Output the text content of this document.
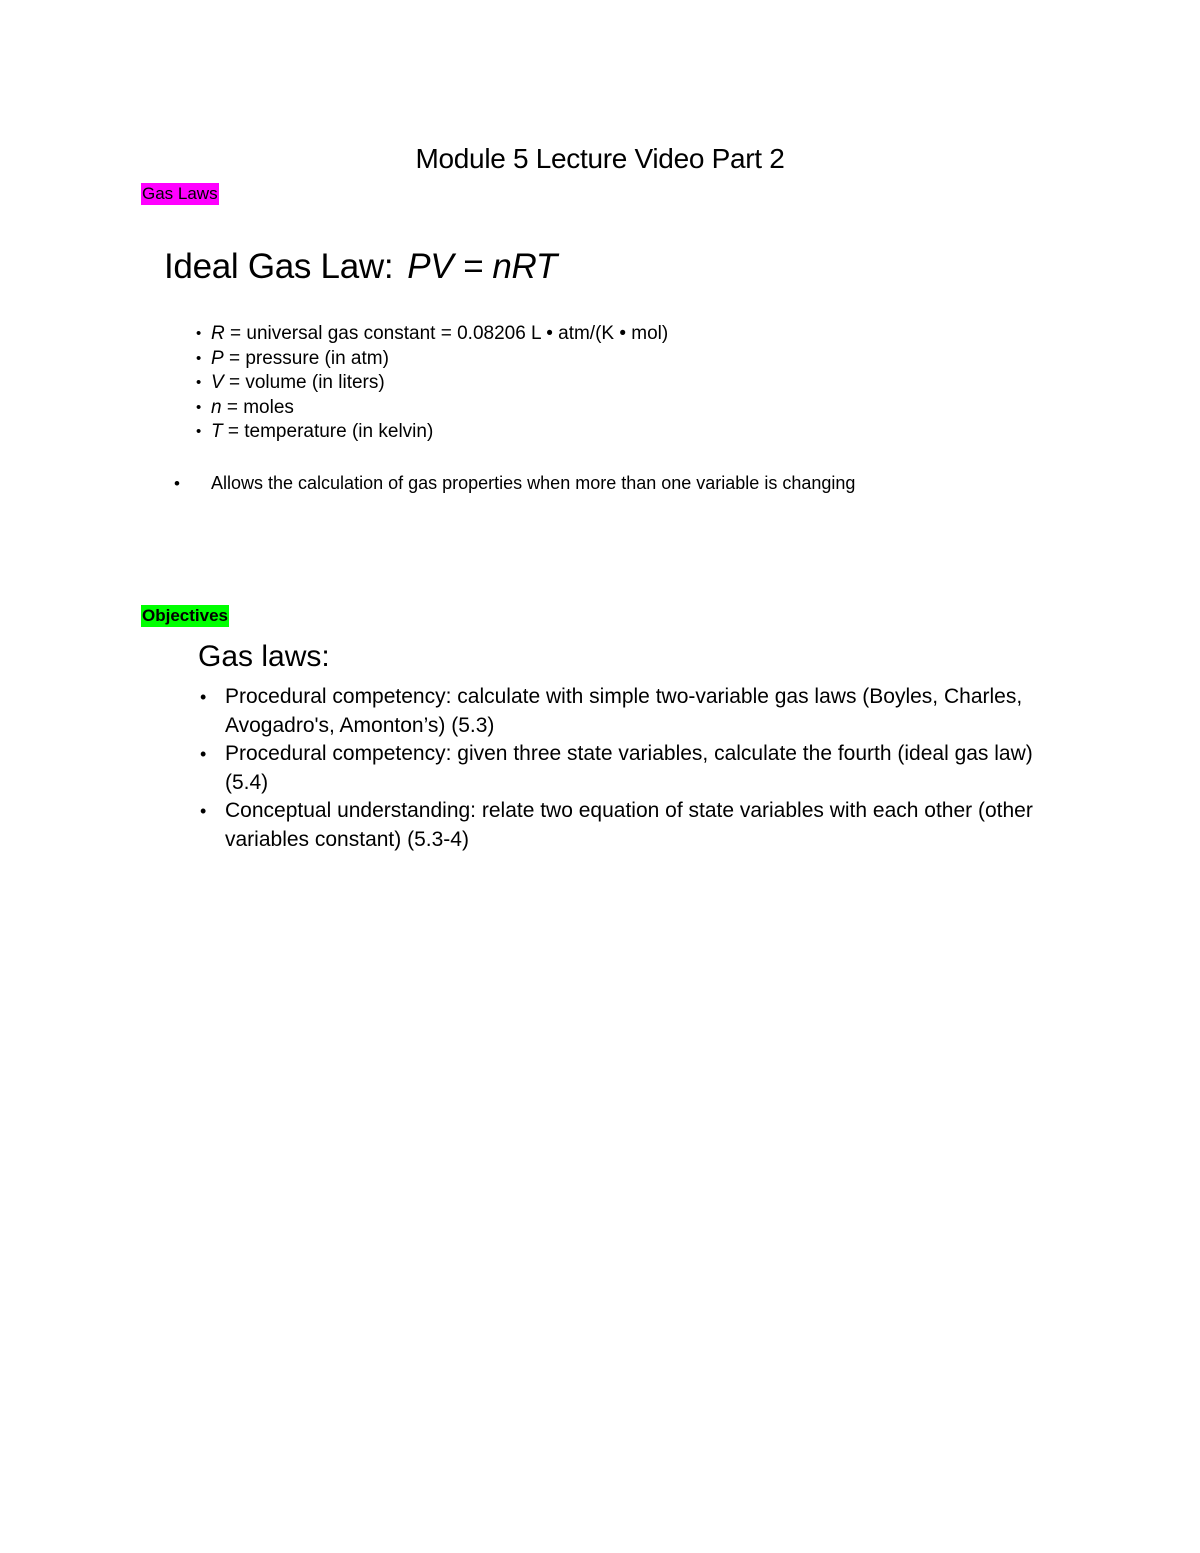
Module 5 Lecture Video Part 2
Gas Laws
Ideal Gas Law: PV = nRT
• R = universal gas constant = 0.08206 L • atm/(K • mol)
• P = pressure (in atm)
• V = volume (in liters)
• n = moles
• T = temperature (in kelvin)
• Allows the calculation of gas properties when more than one variable is changing
Objectives
Gas laws:
• Procedural competency: calculate with simple two-variable gas laws (Boyles, Charles, Avogadro's, Amonton’s) (5.3)
• Procedural competency: given three state variables, calculate the fourth (ideal gas law) (5.4)
• Conceptual understanding: relate two equation of state variables with each other (other variables constant) (5.3-4)
